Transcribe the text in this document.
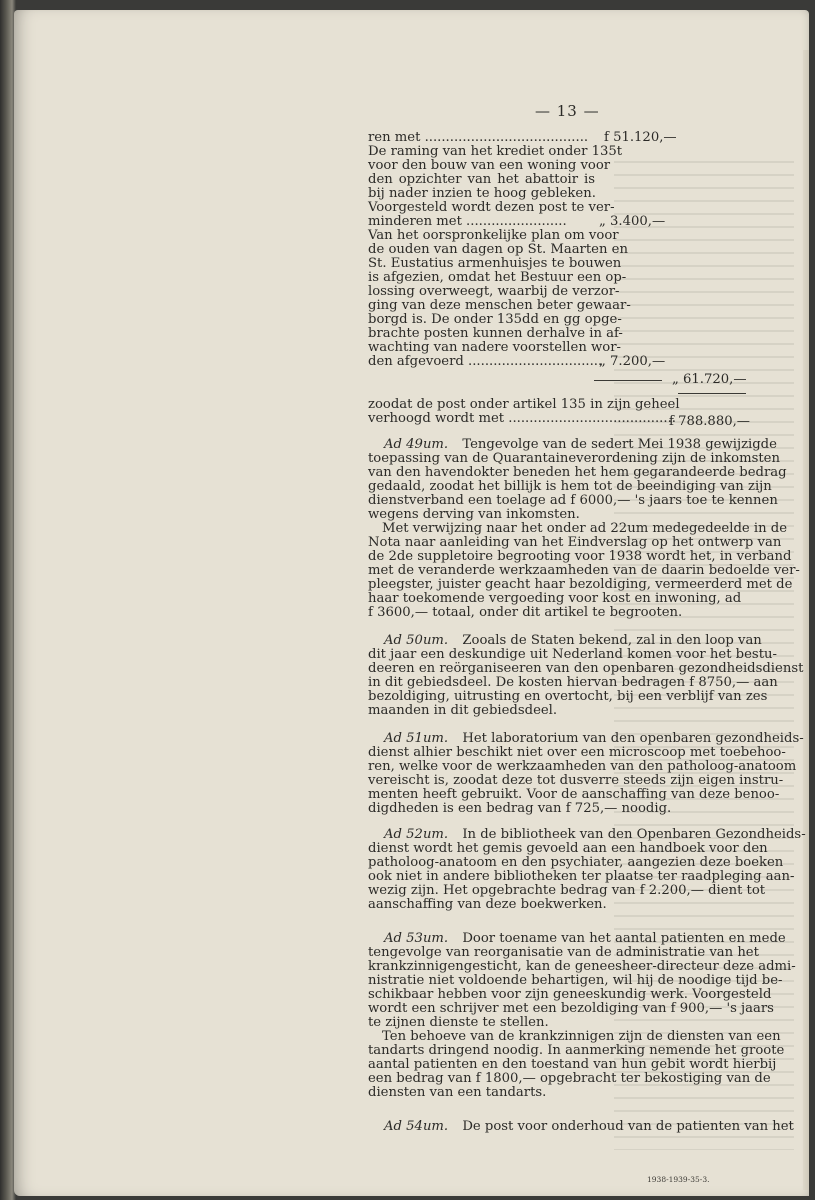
— 13 —
ren met .......................................
De raming van het krediet onder 135t
voor den bouw van een woning voor
den opzichter van het abattoir is
bij nader inzien te hoog gebleken.
Voorgesteld wordt dezen post te ver-
minderen met ........................
Van het oorspronkelijke plan om voor
de ouden van dagen op St. Maarten en
St. Eustatius armenhuisjes te bouwen
is afgezien, omdat het Bestuur een op-
lossing overweegt, waarbij de verzor-
ging van deze menschen beter gewaar-
borgd is. De onder 135dd en gg opge-
brachte posten kunnen derhalve in af-
wachting van nadere voorstellen wor-
den afgevoerd ................................
f 51.120,—
„ 3.400,—
„ 7.200,—
„ 61.720,—
zoodat de post onder artikel 135 in zijn geheel
verhoogd wordt met ........................................
f 788.880,—
Ad 49um. Tengevolge van de sedert Mei 1938 gewijzigde
toepassing van de Quarantaineverordening zijn de inkomsten
van den havendokter beneden het hem gegarandeerde bedrag
gedaald, zoodat het billijk is hem tot de beeindiging van zijn
dienstverband een toelage ad f 6000,— 's jaars toe te kennen
wegens derving van inkomsten.
Met verwijzing naar het onder ad 22um medegedeelde in de
Nota naar aanleiding van het Eindverslag op het ontwerp van
de 2de suppletoire begrooting voor 1938 wordt het, in verband
met de veranderde werkzaamheden van de daarin bedoelde ver-
pleegster, juister geacht haar bezoldiging, vermeerderd met de
haar toekomende vergoeding voor kost en inwoning, ad
f 3600,— totaal, onder dit artikel te begrooten.
Ad 50um. Zooals de Staten bekend, zal in den loop van
dit jaar een deskundige uit Nederland komen voor het bestu-
deeren en reörganiseeren van den openbaren gezondheidsdienst
in dit gebiedsdeel. De kosten hiervan bedragen f 8750,— aan
bezoldiging, uitrusting en overtocht, bij een verblijf van zes
maanden in dit gebiedsdeel.
Ad 51um. Het laboratorium van den openbaren gezondheids-
dienst alhier beschikt niet over een microscoop met toebehoo-
ren, welke voor de werkzaamheden van den patholoog-anatoom
vereischt is, zoodat deze tot dusverre steeds zijn eigen instru-
menten heeft gebruikt. Voor de aanschaffing van deze benoo-
digdheden is een bedrag van f 725,— noodig.
Ad 52um. In de bibliotheek van den Openbaren Gezondheids-
dienst wordt het gemis gevoeld aan een handboek voor den
patholoog-anatoom en den psychiater, aangezien deze boeken
ook niet in andere bibliotheken ter plaatse ter raadpleging aan-
wezig zijn. Het opgebrachte bedrag van f 2.200,— dient tot
aanschaffing van deze boekwerken.
Ad 53um. Door toename van het aantal patienten en mede
tengevolge van reorganisatie van de administratie van het
krankzinnigengesticht, kan de geneesheer-directeur deze admi-
nistratie niet voldoende behartigen, wil hij de noodige tijd be-
schikbaar hebben voor zijn geneeskundig werk. Voorgesteld
wordt een schrijver met een bezoldiging van f 900,— 's jaars
te zijnen dienste te stellen.
Ten behoeve van de krankzinnigen zijn de diensten van een
tandarts dringend noodig. In aanmerking nemende het groote
aantal patienten en den toestand van hun gebit wordt hierbij
een bedrag van f 1800,— opgebracht ter bekostiging van de
diensten van een tandarts.
Ad 54um. De post voor onderhoud van de patienten van het
1938-1939-35-3.
